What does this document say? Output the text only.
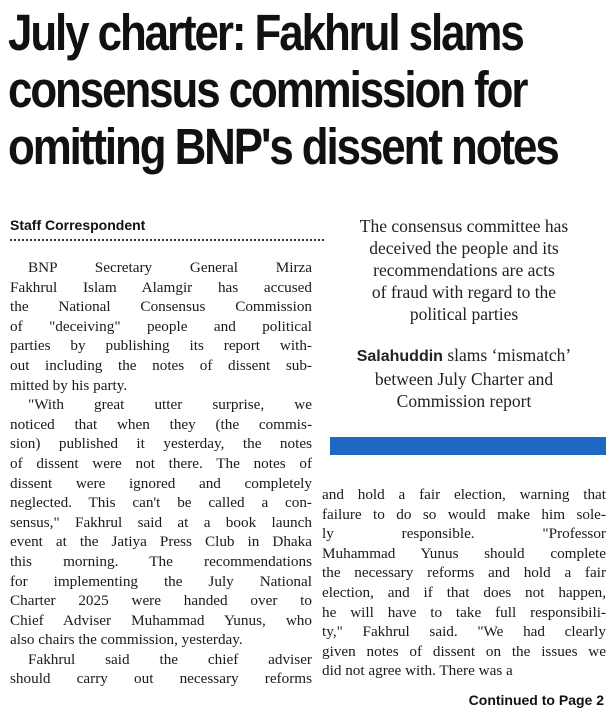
July charter: Fakhrul slams
consensus commission for
omitting BNP's dissent notes
Staff Correspondent
BNP Secretary General Mirza
Fakhrul Islam Alamgir has accused
the National Consensus Commission
of "deceiving" people and political
parties by publishing its report with-
out including the notes of dissent sub-
mitted by his party.
"With great utter surprise, we
noticed that when they (the commis-
sion) published it yesterday, the notes
of dissent were not there. The notes of
dissent were ignored and completely
neglected. This can't be called a con-
sensus," Fakhrul said at a book launch
event at the Jatiya Press Club in Dhaka
this morning. The recommendations
for implementing the July National
Charter 2025 were handed over to
Chief Adviser Muhammad Yunus, who
also chairs the commission, yesterday.
Fakhrul said the chief adviser
should carry out necessary reforms
The consensus committee has
deceived the people and its
recommendations are acts
of fraud with regard to the
political parties
Salahuddin slams ‘mismatch’
between July Charter and
Commission report
and hold a fair election, warning that
failure to do so would make him sole-
ly responsible. "Professor
Muhammad Yunus should complete
the necessary reforms and hold a fair
election, and if that does not happen,
he will have to take full responsibili-
ty," Fakhrul said. "We had clearly
given notes of dissent on the issues we
did not agree with. There was a
Continued to Page 2
